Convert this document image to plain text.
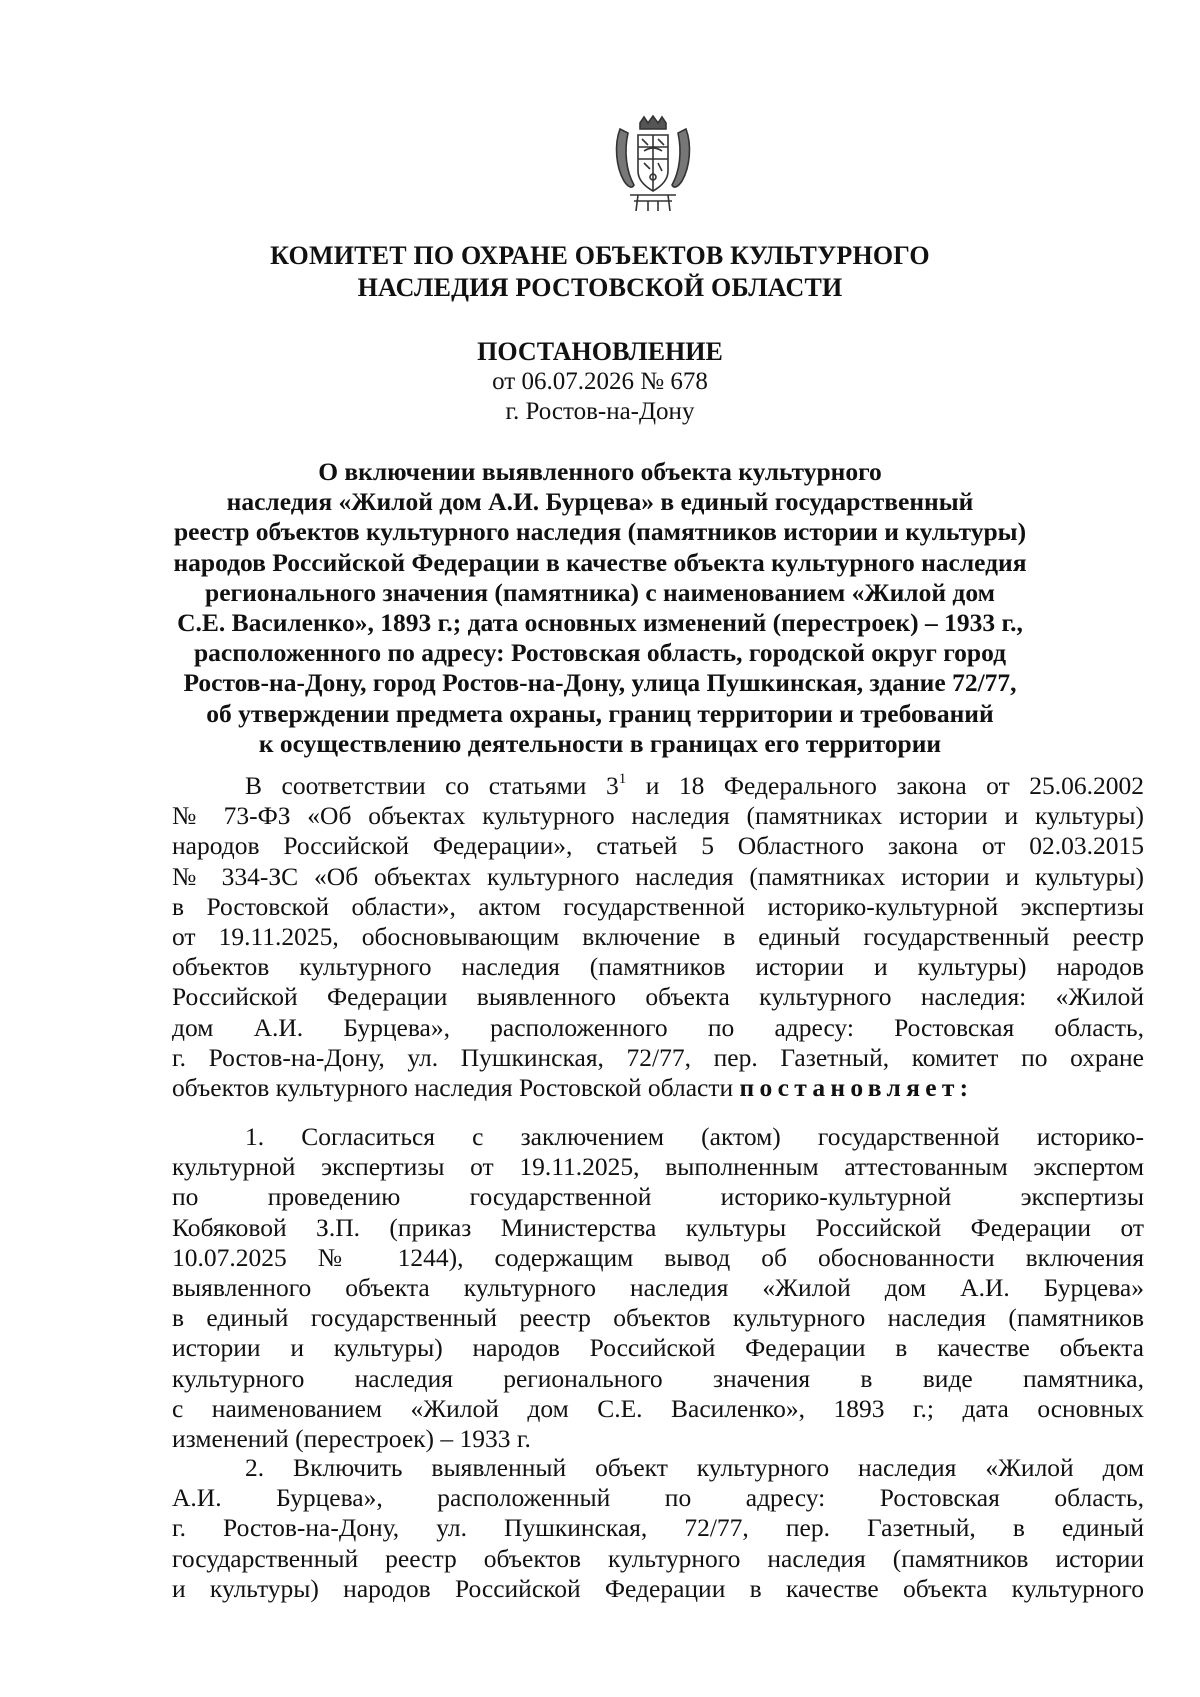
КОМИТЕТ ПО ОХРАНЕ ОБЪЕКТОВ КУЛЬТУРНОГО
НАСЛЕДИЯ РОСТОВСКОЙ ОБЛАСТИ
ПОСТАНОВЛЕНИЕ
от 06.07.2026 № 678
г. Ростов-на-Дону
О включении выявленного объекта культурного
наследия «Жилой дом А.И. Бурцева» в единый государственный
реестр объектов культурного наследия (памятников истории и культуры)
народов Российской Федерации в качестве объекта культурного наследия
регионального значения (памятника) с наименованием «Жилой дом
С.Е. Василенко», 1893 г.; дата основных изменений (перестроек) – 1933 г.,
расположенного по адресу: Ростовская область, городской округ город
Ростов-на-Дону, город Ростов-на-Дону, улица Пушкинская, здание 72/77,
об утверждении предмета охраны, границ территории и требований
к осуществлению деятельности в границах его территории
В соответствии со статьями $3^1$ и 18 Федерального закона от 25.06.2002
№ 73-ФЗ «Об объектах культурного наследия (памятниках истории и культуры)
народов Российской Федерации», статьей 5 Областного закона от 02.03.2015
№ 334-ЗС «Об объектах культурного наследия (памятниках истории и культуры)
в Ростовской области», актом государственной историко-культурной экспертизы
от 19.11.2025, обосновывающим включение в единый государственный реестр
объектов культурного наследия (памятников истории и культуры) народов
Российской Федерации выявленного объекта культурного наследия: «Жилой
дом А.И. Бурцева», расположенного по адресу: Ростовская область,
г. Ростов-на-Дону, ул. Пушкинская, 72/77, пер. Газетный, комитет по охране
объектов культурного наследия Ростовской области постановляет:
1. Согласиться с заключением (актом) государственной историко-
культурной экспертизы от 19.11.2025, выполненным аттестованным экспертом
по проведению государственной историко-культурной экспертизы
Кобяковой З.П. (приказ Министерства культуры Российской Федерации от
10.07.2025 № 1244), содержащим вывод об обоснованности включения
выявленного объекта культурного наследия «Жилой дом А.И. Бурцева»
в единый государственный реестр объектов культурного наследия (памятников
истории и культуры) народов Российской Федерации в качестве объекта
культурного наследия регионального значения в виде памятника,
с наименованием «Жилой дом С.Е. Василенко», 1893 г.; дата основных
изменений (перестроек) – 1933 г.
2. Включить выявленный объект культурного наследия «Жилой дом
А.И. Бурцева», расположенный по адресу: Ростовская область,
г. Ростов-на-Дону, ул. Пушкинская, 72/77, пер. Газетный, в единый
государственный реестр объектов культурного наследия (памятников истории
и культуры) народов Российской Федерации в качестве объекта культурного
